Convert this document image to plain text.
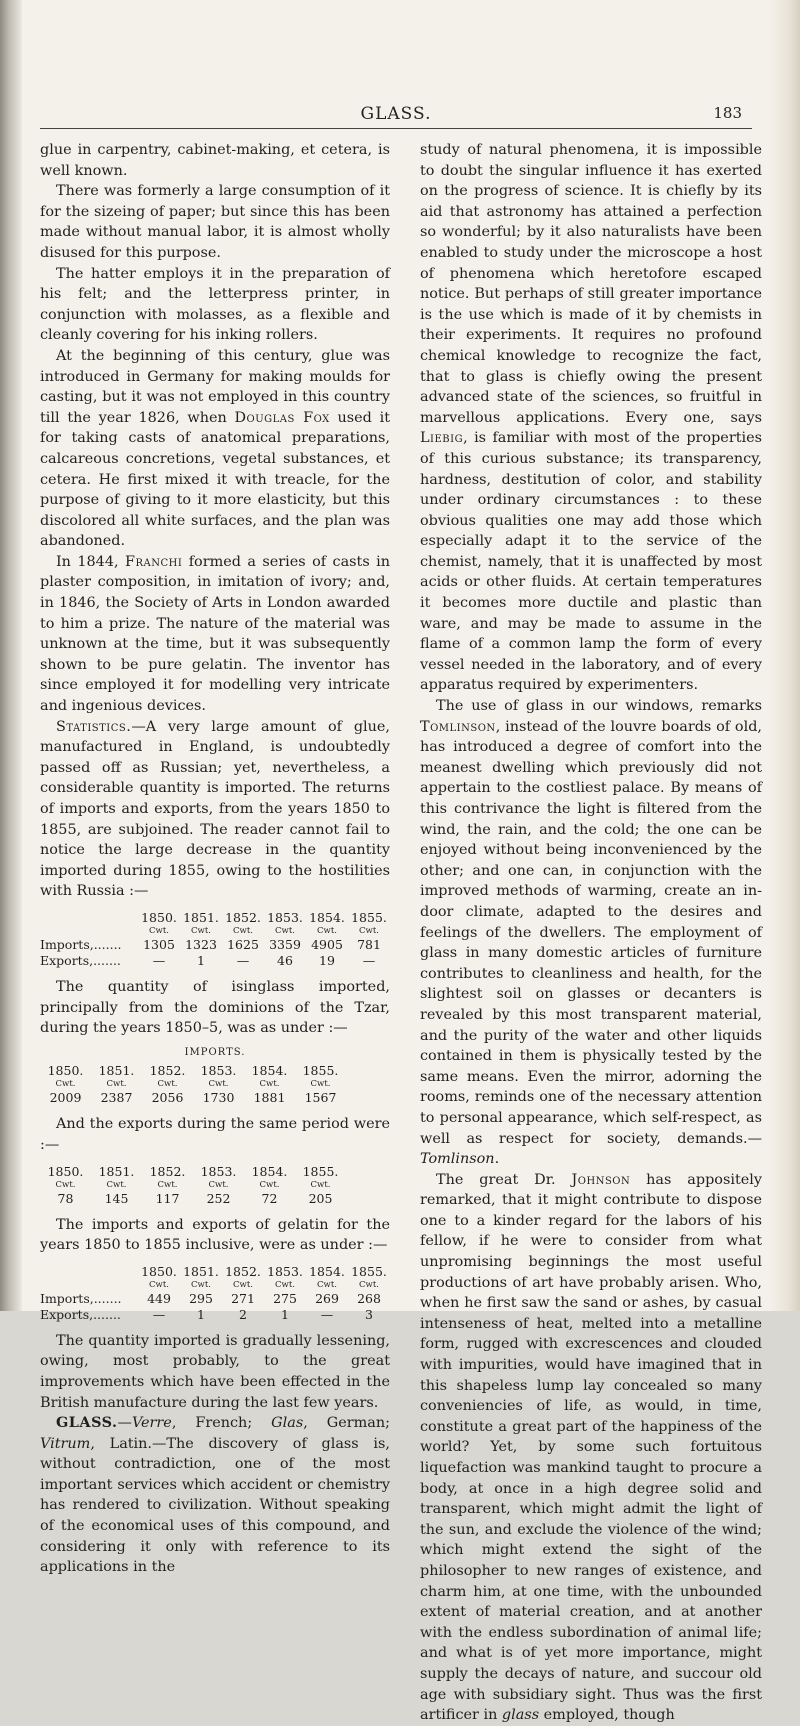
GLASS.	183

glue in carpentry, cabinet-making, et cetera, is well known.

There was formerly a large consumption of it for the sizeing of paper; but since this has been made without manual labor, it is almost wholly disused for this purpose.

The hatter employs it in the preparation of his felt; and the letterpress printer, in conjunction with molasses, as a flexible and cleanly covering for his inking rollers.

At the beginning of this century, glue was introduced in Germany for making moulds for casting, but it was not employed in this country till the year 1826, when Douglas Fox used it for taking casts of anatomical preparations, calcareous concretions, vegetal substances, et cetera. He first mixed it with treacle, for the purpose of giving to it more elasticity, but this discolored all white surfaces, and the plan was abandoned.

In 1844, Franchi formed a series of casts in plaster composition, in imitation of ivory; and, in 1846, the Society of Arts in London awarded to him a prize. The nature of the material was unknown at the time, but it was subsequently shown to be pure gelatin. The inventor has since employed it for modelling very intricate and ingenious devices.

Statistics.—A very large amount of glue, manufactured in England, is undoubtedly passed off as Russian; yet, nevertheless, a considerable quantity is imported. The returns of imports and exports, from the years 1850 to 1855, are subjoined. The reader cannot fail to notice the large decrease in the quantity imported during 1855, owing to the hostilities with Russia :—

1850. 1851. 1852. 1853. 1854. 1855.
Cwt.	Cwt.	Cwt.	Cwt.	Cwt.	Cwt.
Imports,.......	1305 1323 1625 3359 4905	781
Exports,.......	—	1	—	46	19	—

The quantity of isinglass imported, principally from the dominions of the Tzar, during the years 1850–5, was as under :—

IMPORTS.
1850.	1851.	1852.	1853.	1854.	1855.
Cwt.	Cwt.	Cwt.	Cwt.	Cwt.	Cwt.
2009	2387	2056	1730	1881	1567

And the exports during the same period were :—

1850.	1851.	1852.	1853.	1854.	1855.
Cwt.	Cwt.	Cwt.	Cwt.	Cwt.	Cwt.
78	145	117	252	72	205

The imports and exports of gelatin for the years 1850 to 1855 inclusive, were as under :—

1850. 1851. 1852. 1853. 1854. 1855.
Cwt.	Cwt.	Cwt.	Cwt.	Cwt.	Cwt.
Imports,.......	449	295	271	275	269	268
Exports,.......	—	1	2	1	—	3

The quantity imported is gradually lessening, owing, most probably, to the great improvements which have been effected in the British manufacture during the last few years.

GLASS.—Verre, French; Glas, German; Vitrum, Latin.—The discovery of glass is, without contradiction, one of the most important services which accident or chemistry has rendered to civilization. Without speaking of the economical uses of this compound, and considering it only with reference to its applications in the

study of natural phenomena, it is impossible to doubt the singular influence it has exerted on the progress of science. It is chiefly by its aid that astronomy has attained a perfection so wonderful; by it also naturalists have been enabled to study under the microscope a host of phenomena which heretofore escaped notice. But perhaps of still greater importance is the use which is made of it by chemists in their experiments. It requires no profound chemical knowledge to recognize the fact, that to glass is chiefly owing the present advanced state of the sciences, so fruitful in marvellous applications. Every one, says Liebig, is familiar with most of the properties of this curious substance; its transparency, hardness, destitution of color, and stability under ordinary circumstances : to these obvious qualities one may add those which especially adapt it to the service of the chemist, namely, that it is unaffected by most acids or other fluids. At certain temperatures it becomes more ductile and plastic than ware, and may be made to assume in the flame of a common lamp the form of every vessel needed in the laboratory, and of every apparatus required by experimenters.

The use of glass in our windows, remarks Tomlinson, instead of the louvre boards of old, has introduced a degree of comfort into the meanest dwelling which previously did not appertain to the costliest palace. By means of this contrivance the light is filtered from the wind, the rain, and the cold; the one can be enjoyed without being inconvenienced by the other; and one can, in conjunction with the improved methods of warming, create an in-door climate, adapted to the desires and feelings of the dwellers. The employment of glass in many domestic articles of furniture contributes to cleanliness and health, for the slightest soil on glasses or decanters is revealed by this most transparent material, and the purity of the water and other liquids contained in them is physically tested by the same means. Even the mirror, adorning the rooms, reminds one of the necessary attention to personal appearance, which self-respect, as well as respect for society, demands.—Tomlinson.

The great Dr. Johnson has appositely remarked, that it might contribute to dispose one to a kinder regard for the labors of his fellow, if he were to consider from what unpromising beginnings the most useful productions of art have probably arisen. Who, when he first saw the sand or ashes, by casual intenseness of heat, melted into a metalline form, rugged with excrescences and clouded with impurities, would have imagined that in this shapeless lump lay concealed so many conveniencies of life, as would, in time, constitute a great part of the happiness of the world? Yet, by some such fortuitous liquefaction was mankind taught to procure a body, at once in a high degree solid and transparent, which might admit the light of the sun, and exclude the violence of the wind; which might extend the sight of the philosopher to new ranges of existence, and charm him, at one time, with the unbounded extent of material creation, and at another with the endless subordination of animal life; and what is of yet more importance, might supply the decays of nature, and succour old age with subsidiary sight. Thus was the first artificer in glass employed, though
